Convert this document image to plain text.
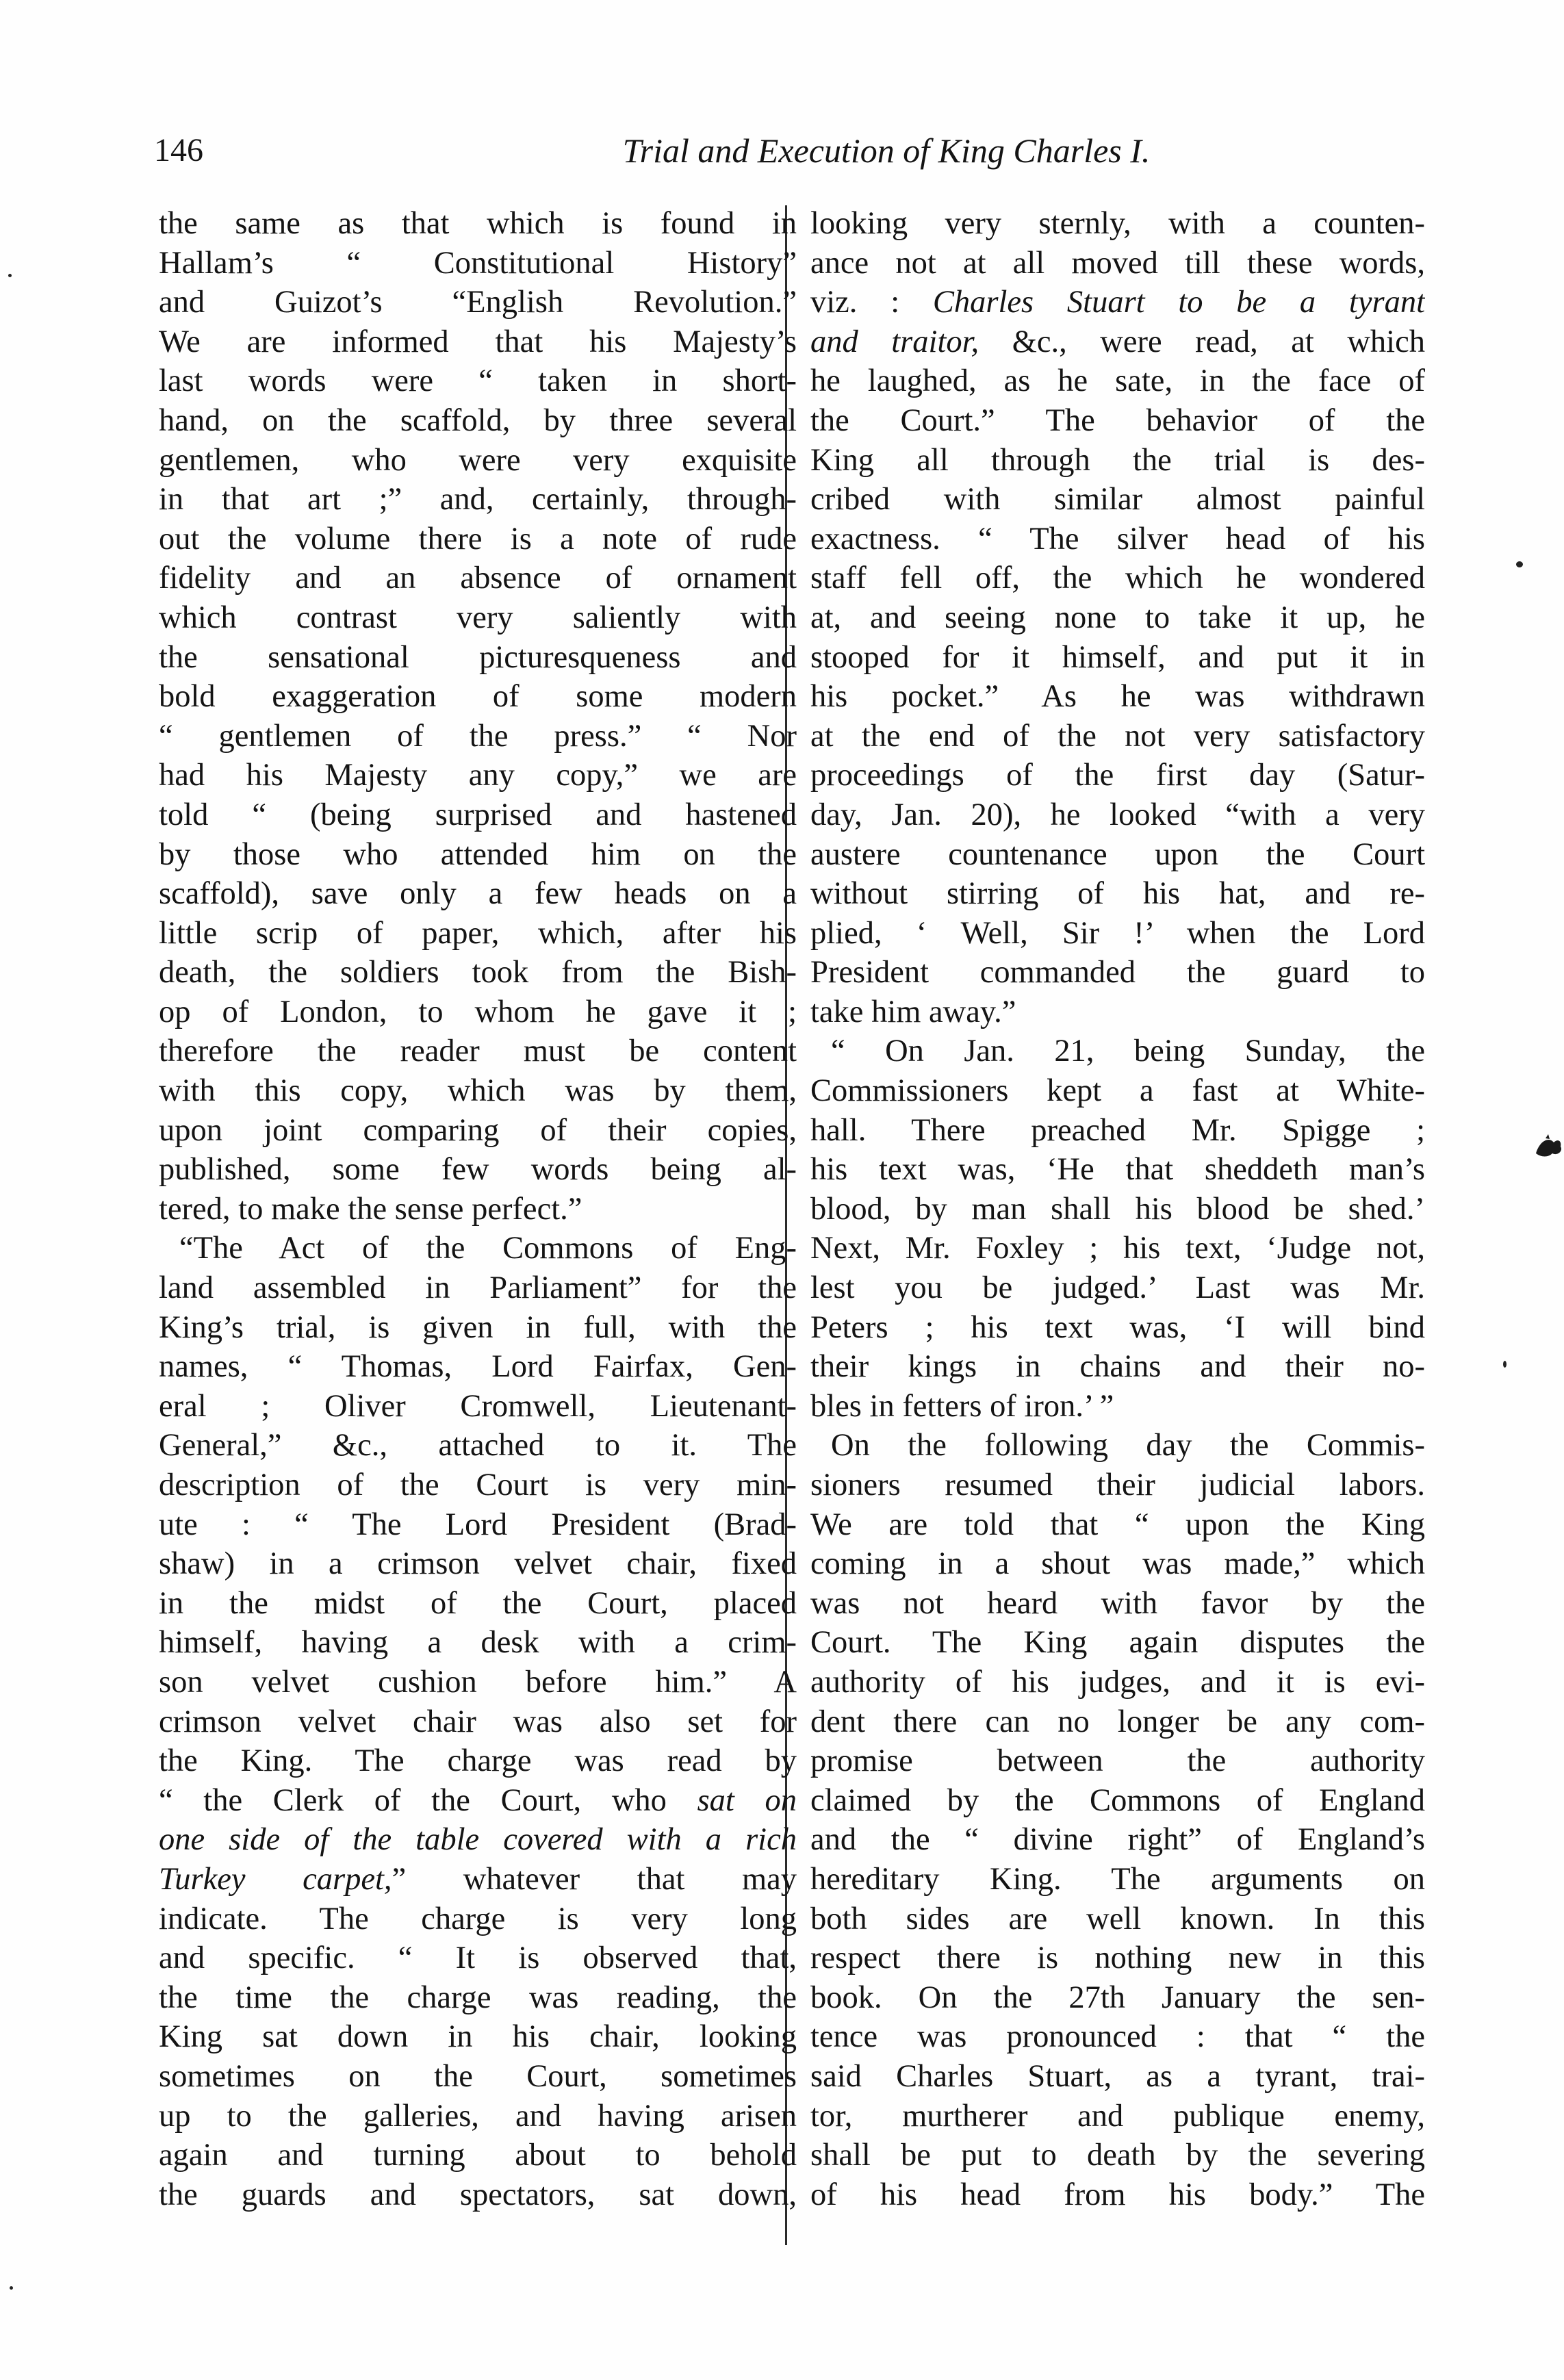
146	Trial and Execution of King Charles I.
the same as that which is found in
Hallam’s “ Constitutional History”
and Guizot’s “English Revolution.”
We are informed that his Majesty’s
last words were “ taken in short-
hand, on the scaffold, by three several
gentlemen, who were very exquisite
in that art ;” and, certainly, through-
out the volume there is a note of rude
fidelity and an absence of ornament
which contrast very saliently with
the sensational picturesqueness and
bold exaggeration of some modern
“ gentlemen of the press.” “ Nor
had his Majesty any copy,” we are
told “ (being surprised and hastened
by those who attended him on the
scaffold), save only a few heads on a
little scrip of paper, which, after his
death, the soldiers took from the Bish-
op of London, to whom he gave it ;
therefore the reader must be content
with this copy, which was by them,
upon joint comparing of their copies,
published, some few words being al-
tered, to make the sense perfect.”
“The Act of the Commons of Eng-
land assembled in Parliament” for the
King’s trial, is given in full, with the
names, “ Thomas, Lord Fairfax, Gen-
eral ; Oliver Cromwell, Lieutenant-
General,” &c., attached to it. The
description of the Court is very min-
ute : “ The Lord President (Brad-
shaw) in a crimson velvet chair, fixed
in the midst of the Court, placed
himself, having a desk with a crim-
son velvet cushion before him.” A
crimson velvet chair was also set for
the King. The charge was read by
“ the Clerk of the Court, who sat on
one side of the table covered with a rich
Turkey carpet,” whatever that may
indicate. The charge is very long
and specific. “ It is observed that,
the time the charge was reading, the
King sat down in his chair, looking
sometimes on the Court, sometimes
up to the galleries, and having arisen
again and turning about to behold
the guards and spectators, sat down,
looking very sternly, with a counten-
ance not at all moved till these words,
viz. : Charles Stuart to be a tyrant
and traitor, &c., were read, at which
he laughed, as he sate, in the face of
the Court.” The behavior of the
King all through the trial is des-
cribed with similar almost painful
exactness. “ The silver head of his
staff fell off, the which he wondered
at, and seeing none to take it up, he
stooped for it himself, and put it in
his pocket.” As he was withdrawn
at the end of the not very satisfactory
proceedings of the first day (Satur-
day, Jan. 20), he looked “with a very
austere countenance upon the Court
without stirring of his hat, and re-
plied, ‘ Well, Sir !’ when the Lord
President commanded the guard to
take him away.”
“ On Jan. 21, being Sunday, the
Commissioners kept a fast at White-
hall. There preached Mr. Spigge ;
his text was, ‘He that sheddeth man’s
blood, by man shall his blood be shed.’
Next, Mr. Foxley ; his text, ‘Judge not,
lest you be judged.’ Last was Mr.
Peters ; his text was, ‘I will bind
their kings in chains and their no-
bles in fetters of iron.’ ”
On the following day the Commis-
sioners resumed their judicial labors.
We are told that “ upon the King
coming in a shout was made,” which
was not heard with favor by the
Court. The King again disputes the
authority of his judges, and it is evi-
dent there can no longer be any com-
promise between the authority
claimed by the Commons of England
and the “ divine right” of England’s
hereditary King. The arguments on
both sides are well known. In this
respect there is nothing new in this
book. On the 27th January the sen-
tence was pronounced : that “ the
said Charles Stuart, as a tyrant, trai-
tor, murtherer and publique enemy,
shall be put to death by the severing
of his head from his body.” The
